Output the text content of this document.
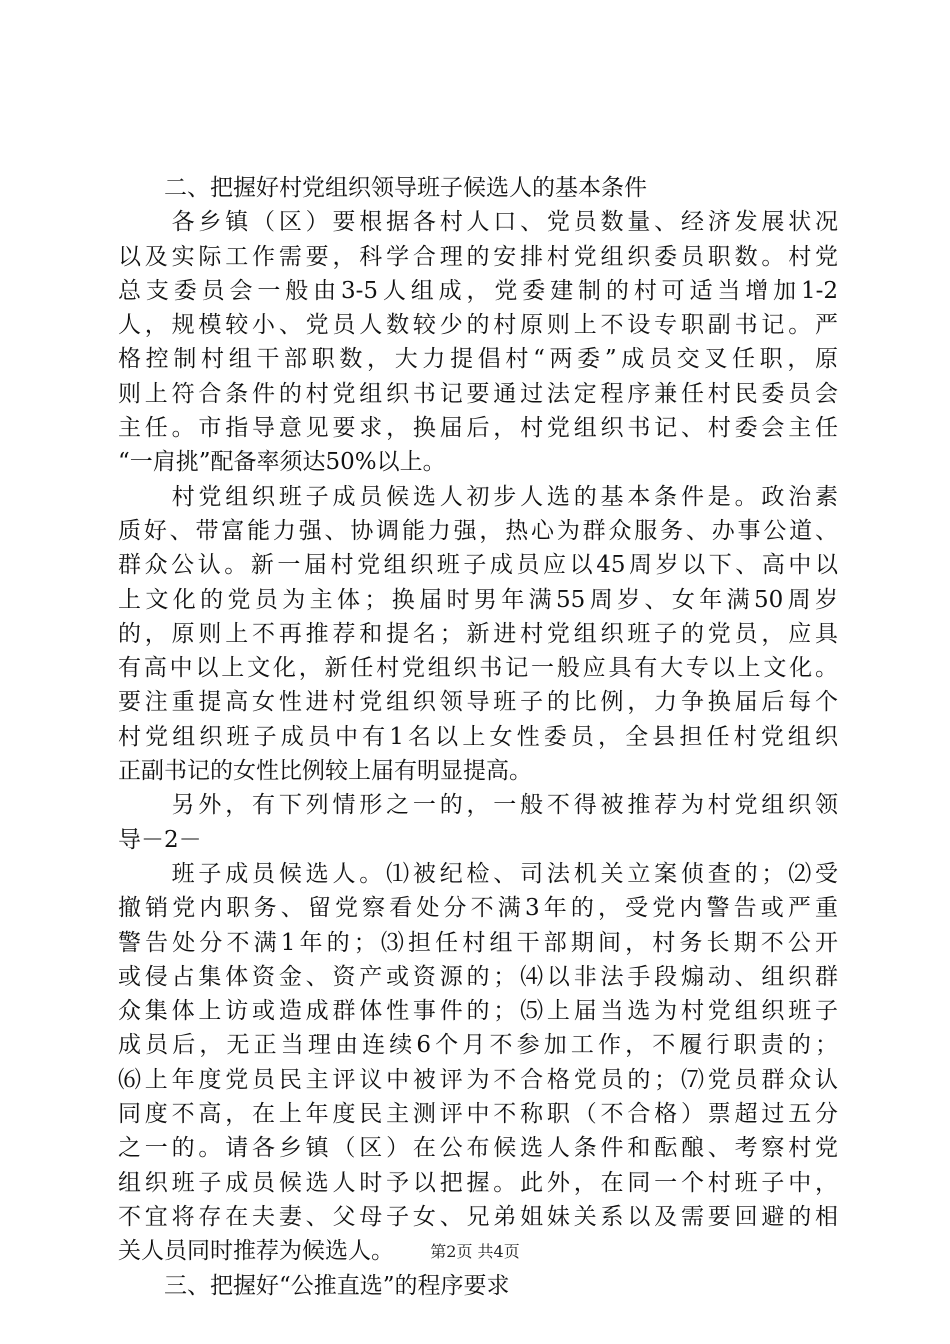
　　二、把握好村党组织领导班子候选人的基本条件
　　各乡镇（区）要根据各村人口、党员数量、经济发展状况
以及实际工作需要，科学合理的安排村党组织委员职数。村党
总支委员会一般由3-5人组成，党委建制的村可适当增加1-2
人，规模较小、党员人数较少的村原则上不设专职副书记。严
格控制村组干部职数，大力提倡村“两委”成员交叉任职，原
则上符合条件的村党组织书记要通过法定程序兼任村民委员会
主任。市指导意见要求，换届后，村党组织书记、村委会主任
“一肩挑”配备率须达50%以上。
　　村党组织班子成员候选人初步人选的基本条件是。政治素
质好、带富能力强、协调能力强，热心为群众服务、办事公道、
群众公认。新一届村党组织班子成员应以45周岁以下、高中以
上文化的党员为主体；换届时男年满55周岁、女年满50周岁
的，原则上不再推荐和提名；新进村党组织班子的党员，应具
有高中以上文化，新任村党组织书记一般应具有大专以上文化。
要注重提高女性进村党组织领导班子的比例，力争换届后每个
村党组织班子成员中有1名以上女性委员，全县担任村党组织
正副书记的女性比例较上届有明显提高。
　　另外，有下列情形之一的，一般不得被推荐为村党组织领
导－2－
　　班子成员候选人。⑴被纪检、司法机关立案侦查的；⑵受
撤销党内职务、留党察看处分不满3年的，受党内警告或严重
警告处分不满1年的；⑶担任村组干部期间，村务长期不公开
或侵占集体资金、资产或资源的；⑷以非法手段煽动、组织群
众集体上访或造成群体性事件的；⑸上届当选为村党组织班子
成员后，无正当理由连续6个月不参加工作，不履行职责的；
⑹上年度党员民主评议中被评为不合格党员的；⑺党员群众认
同度不高，在上年度民主测评中不称职（不合格）票超过五分
之一的。请各乡镇（区）在公布候选人条件和酝酿、考察村党
组织班子成员候选人时予以把握。此外，在同一个村班子中，
不宜将存在夫妻、父母子女、兄弟姐妹关系以及需要回避的相
关人员同时推荐为候选人。
　　三、把握好“公推直选”的程序要求
第2页 共4页
